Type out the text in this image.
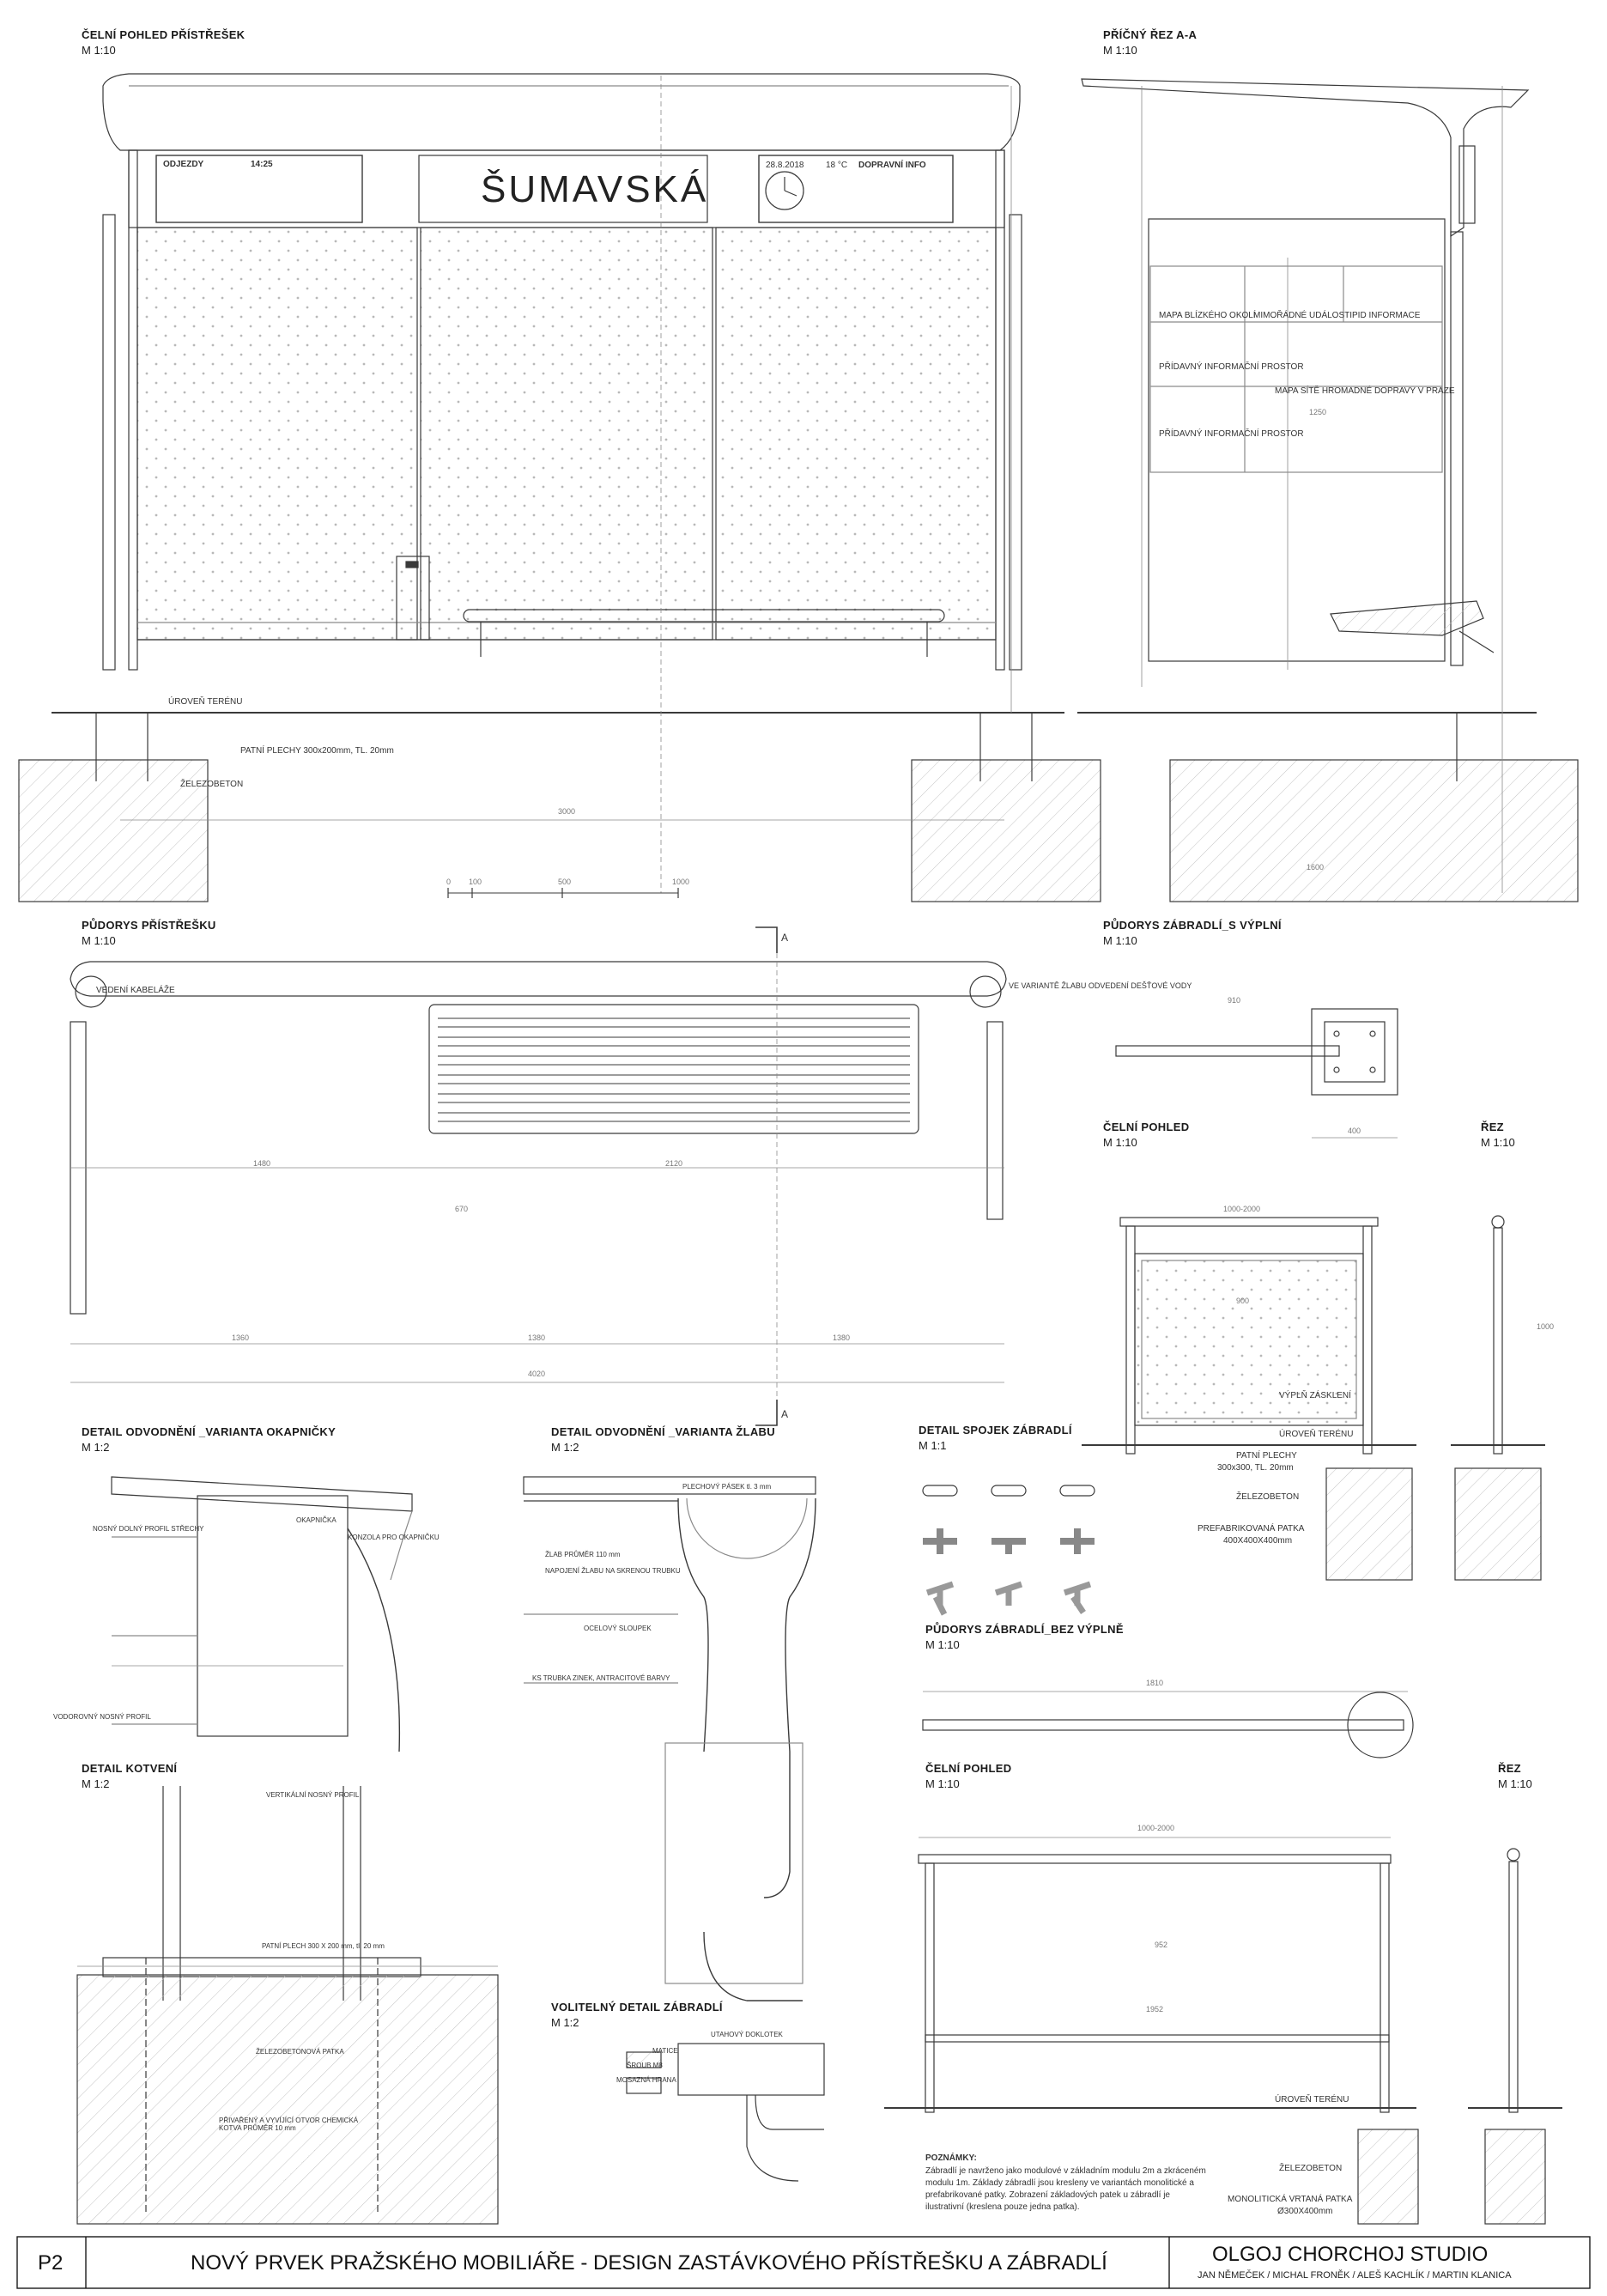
ČELNÍ POHLED PŘÍSTŘEŠEK
M 1:10
ODJEZDY	14:25
ŠUMAVSKÁ
28.8.2018	18 °C DOPRAVNÍ INFO
ÚROVEŇ TERÉNU
PATNÍ PLECHY 300x200mm, TL. 20mm
ŽELEZOBETON
3000
0 100	500	1000
PŘÍČNÝ ŘEZ A-A
M 1:10
MAPA BLÍZKÉHO OKOLÍ
MIMOŘÁDNÉ UDÁLOSTI PID INFORMACE
PŘÍDAVNÝ INFORMAČNÍ PROSTOR
MAPA SÍTĚ HROMADNÉ DOPRAVY V PRAZE
PŘÍDAVNÝ INFORMAČNÍ PROSTOR
1250
1600
PŮDORYS PŘÍSTŘEŠKU
M 1:10
VEDENÍ KABELÁŽE	VE VARIANTĚ ŽLABU ODVEDENÍ DEŠŤOVÉ VODY
1480	2120
4020
1360	1380	1380
670
A
A
PŮDORYS ZÁBRADLÍ_S VÝPLNÍ
M 1:10
910
400
ČELNÍ POHLED
M 1:10
ŘEZ
M 1:10
1000-2000
900
1000
VÝPLŇ ZÁSKLENÍ
ÚROVEŇ TERÉNU
PATNÍ PLECHY
300x300, TL. 20mm
ŽELEZOBETON
PREFABRIKOVANÁ PATKA
400X400X400mm
DETAIL ODVODNĚNÍ _VARIANTA OKAPNIČKY
M 1:2
NOSNÝ DOLNÝ PROFIL STŘECHY
OKAPNIČKA
KONZOLA PRO OKAPNIČKU
VODOROVNÝ NOSNÝ PROFIL
DETAIL ODVODNĚNÍ _VARIANTA ŽLABU
M 1:2
PLECHOVÝ PÁSEK tl. 3 mm
ŽLAB PRŮMĚR 110 mm
NAPOJENÍ ŽLABU NA SKRENOU TRUBKU
OCELOVÝ SLOUPEK
KS TRUBKA ZINEK, ANTRACITOVÉ BARVY
DETAIL SPOJEK ZÁBRADLÍ
M 1:1
PŮDORYS ZÁBRADLÍ_BEZ VÝPLNĚ
M 1:10
1810
DETAIL KOTVENÍ
M 1:2
VERTIKÁLNÍ NOSNÝ PROFIL
PATNÍ PLECH 300 X 200 mm, tl. 20 mm
ŽELEZOBETONOVÁ PATKA
PŘIVAŘENÝ A VYVÍJÍCÍ OTVOR CHEMICKÁ KOTVA PRŮMĚR 10 mm
VOLITELNÝ DETAIL ZÁBRADLÍ
M 1:2
UTAHOVÝ DOKLOTEK
MATICE
ŠROUB M8
MOSAZNÁ HRANA
ČELNÍ POHLED
M 1:10
ŘEZ
M 1:10
1000-2000
952
1952
ÚROVEŇ TERÉNU
ŽELEZOBETON
MONOLITICKÁ VRTANÁ PATKA
Ø300X400mm
POZNÁMKY:
Zábradlí je navrženo jako modulové v základním modulu 2m a zkráceném modulu 1m. Základy zábradlí jsou kresleny ve variantách monolitické a prefabrikované patky. Zobrazení základových patek u zábradlí je ilustrativní (kreslena pouze jedna patka).
P2	NOVÝ PRVEK PRAŽSKÉHO MOBILIÁŘE - DESIGN ZASTÁVKOVÉHO PŘÍSTŘEŠKU A ZÁBRADLÍ	OLGOJ CHORCHOJ STUDIO
JAN NĚMEČEK / MICHAL FRONĚK / ALEŠ KACHLÍK / MARTIN KLANICA
